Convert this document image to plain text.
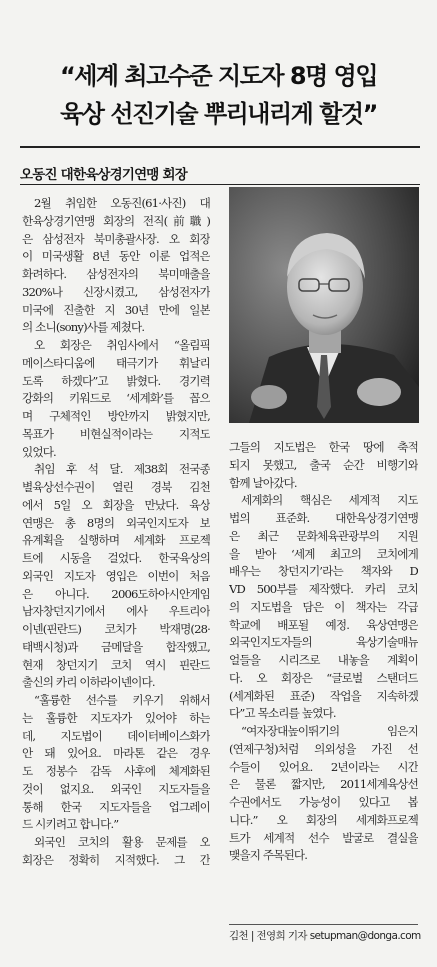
“세계 최고수준 지도자 8명 영입
육상 선진기술 뿌리내리게 할것”
오동진 대한육상경기연맹 회장

2월 취임한 오동진(61·사진) 대

한육상경기연맹 회장의 전직(前職)

은 삼성전자 북미총괄사장. 오 회장

이 미국생활 8년 동안 이룬 업적은

화려하다. 삼성전자의 북미매출을

320%나 신장시켰고, 삼성전자가

미국에 진출한 지 30년 만에 일본

의 소니(sony)사를 제쳤다.

오 회장은 취임사에서 “올림픽

메이스타디움에 태극기가 휘날리

도록 하겠다”고 밝혔다. 경기력

강화의 키워드로 ‘세계화’를 꼽으

며 구체적인 방안까지 밝혔지만,

목표가 비현실적이라는 지적도

있었다.

취임 후 석 달. 제38회 전국종

별육상선수권이 열린 경북 김천

에서 5일 오 회장을 만났다. 육상

연맹은 총 8명의 외국인지도자 보

유계획을 실행하며 세계화 프로젝

트에 시동을 걸었다. 한국육상의

외국인 지도자 영입은 이번이 처음

은 아니다. 2006도하아시안게임

남자창던지기에서 에사 우트리아

이넨(핀란드) 코치가 박재명(28·

태백시청)과 금메달을 합작했고,

현재 창던지기 코치 역시 핀란드

출신의 카리 이하라이넨이다.

“훌륭한 선수를 키우기 위해서

는 훌륭한 지도자가 있어야 하는

데, 지도법이 데이터베이스화가

안 돼 있어요. 마라톤 같은 경우

도 정봉수 감독 사후에 체계화된

것이 없지요. 외국인 지도자들을

통해 한국 지도자들을 업그레이

드 시키려고 합니다.”

외국인 코치의 활용 문제를 오

회장은 정확히 지적했다. 그 간

그들의 지도법은 한국 땅에 축적

되지 못했고, 출국 순간 비행기와

함께 날아갔다.

세계화의 핵심은 세계적 지도

법의 표준화. 대한육상경기연맹

은 최근 문화체육관광부의 지원

을 받아 ‘세계 최고의 코치에게

배우는 창던지기’라는 책자와 D

VD 500부를 제작했다. 카리 코치

의 지도법을 담은 이 책자는 각급

학교에 배포될 예정. 육상연맹은

외국인지도자들의 육상기술매뉴

얼들을 시리즈로 내놓을 계획이

다. 오 회장은 “글로벌 스탠더드

(세계화된 표준) 작업을 지속하겠

다”고 목소리를 높였다.

“여자장대높이뛰기의 임은지

(연제구청)처럼 의외성을 가진 선

수들이 있어요. 2년이라는 시간

은 물론 짧지만, 2011세계육상선

수권에서도 가능성이 있다고 봅

니다.” 오 회장의 세계화프로젝

트가 세계적 선수 발굴로 결실을

맺을지 주목된다.

김천 | 전영희 기자 setupman@donga.com
